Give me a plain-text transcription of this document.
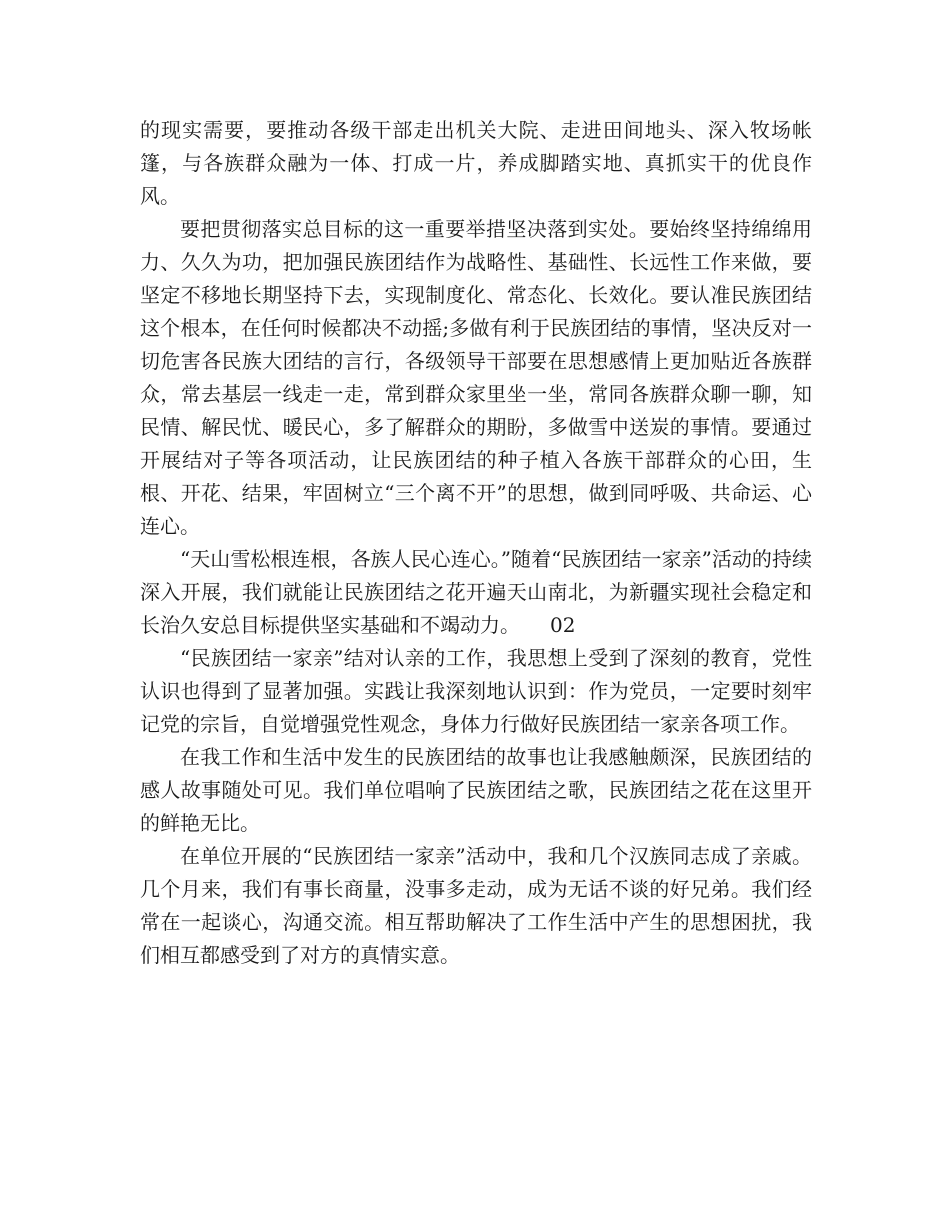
的现实需要，要推动各级干部走出机关大院、走进田间地头、深入牧场帐篷，与各族群众融为一体、打成一片，养成脚踏实地、真抓实干的优良作风。

要把贯彻落实总目标的这一重要举措坚决落到实处。要始终坚持绵绵用力、久久为功，把加强民族团结作为战略性、基础性、长远性工作来做，要坚定不移地长期坚持下去，实现制度化、常态化、长效化。要认准民族团结这个根本，在任何时候都决不动摇;多做有利于民族团结的事情，坚决反对一切危害各民族大团结的言行，各级领导干部要在思想感情上更加贴近各族群众，常去基层一线走一走，常到群众家里坐一坐，常同各族群众聊一聊，知民情、解民忧、暖民心，多了解群众的期盼，多做雪中送炭的事情。要通过开展结对子等各项活动，让民族团结的种子植入各族干部群众的心田，生根、开花、结果，牢固树立“三个离不开”的思想，做到同呼吸、共命运、心连心。

“天山雪松根连根，各族人民心连心。”随着“民族团结一家亲”活动的持续深入开展，我们就能让民族团结之花开遍天山南北，为新疆实现社会稳定和长治久安总目标提供坚实基础和不竭动力。　　02

“民族团结一家亲”结对认亲的工作，我思想上受到了深刻的教育，党性认识也得到了显著加强。实践让我深刻地认识到：作为党员，一定要时刻牢记党的宗旨，自觉增强党性观念，身体力行做好民族团结一家亲各项工作。

在我工作和生活中发生的民族团结的故事也让我感触颇深，民族团结的感人故事随处可见。我们单位唱响了民族团结之歌，民族团结之花在这里开的鲜艳无比。

在单位开展的“民族团结一家亲”活动中，我和几个汉族同志成了亲戚。几个月来，我们有事长商量，没事多走动，成为无话不谈的好兄弟。我们经常在一起谈心，沟通交流。相互帮助解决了工作生活中产生的思想困扰，我们相互都感受到了对方的真情实意。
